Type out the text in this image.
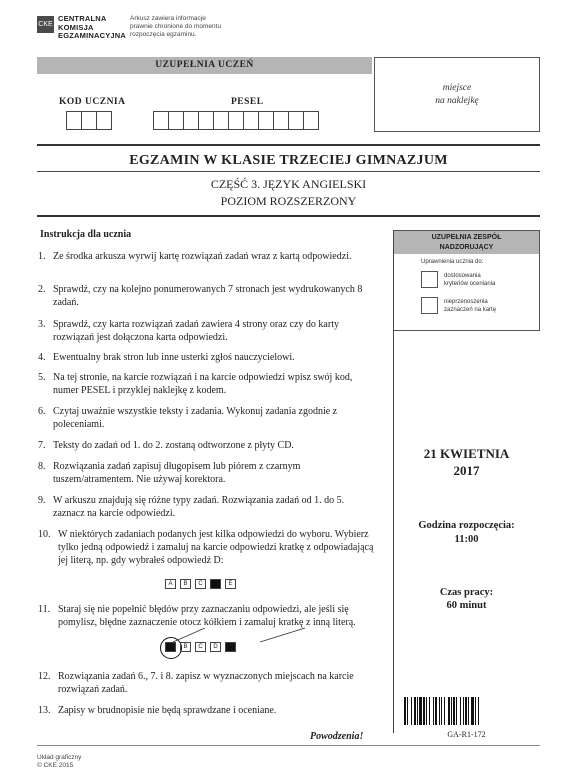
CKE
CENTRALNA
KOMISJA
EGZAMINACYJNA
Arkusz zawiera informacje
prawnie chronione do momentu
rozpoczęcia egzaminu.
UZUPEŁNIA UCZEŃ
miejsce
na naklejkę
KOD UCZNIA	PESEL
EGZAMIN W KLASIE TRZECIEJ GIMNAZJUM
CZĘŚĆ 3. JĘZYK ANGIELSKI
POZIOM ROZSZERZONY
Instrukcja dla ucznia
1. Ze środka arkusza wyrwij kartę rozwiązań zadań wraz z kartą odpowiedzi.
2. Sprawdź, czy na kolejno ponumerowanych 7 stronach jest wydrukowanych 8 zadań.
3. Sprawdź, czy karta rozwiązań zadań zawiera 4 strony oraz czy do karty rozwiązań jest dołączona karta odpowiedzi.
4. Ewentualny brak stron lub inne usterki zgłoś nauczycielowi.
5. Na tej stronie, na karcie rozwiązań i na karcie odpowiedzi wpisz swój kod, numer PESEL i przyklej naklejkę z kodem.
6. Czytaj uważnie wszystkie teksty i zadania. Wykonuj zadania zgodnie z poleceniami.
7. Teksty do zadań od 1. do 2. zostaną odtworzone z płyty CD.
8. Rozwiązania zadań zapisuj długopisem lub piórem z czarnym tuszem/atramentem. Nie używaj korektora.
9. W arkuszu znajdują się różne typy zadań. Rozwiązania zadań od 1. do 5. zaznacz na karcie odpowiedzi.
10. W niektórych zadaniach podanych jest kilka odpowiedzi do wyboru. Wybierz tylko jedną odpowiedź i zamaluj na karcie odpowiedzi kratkę z odpowiadającą jej literą, np. gdy wybrałeś odpowiedź D:
A	B	C	E
11. Staraj się nie popełnić błędów przy zaznaczaniu odpowiedzi, ale jeśli się pomylisz, błędne zaznaczenie otocz kółkiem i zamaluj kratkę z inną literą.
B	C	D
12. Rozwiązania zadań 6., 7. i 8. zapisz w wyznaczonych miejscach na karcie rozwiązań zadań.
13. Zapisy w brudnopisie nie będą sprawdzane i oceniane.
Powodzenia!
UZUPEŁNIA ZESPÓŁ
NADZORUJĄCY
Uprawnienia ucznia do:
dostosowania
kryteriów oceniania
nieprzenoszenia
zaznaczeń na kartę
21 KWIETNIA
2017
Godzina rozpoczęcia:
11:00
Czas pracy:
60 minut
GA-R1-172
Układ graficzny
© CKE 2015
